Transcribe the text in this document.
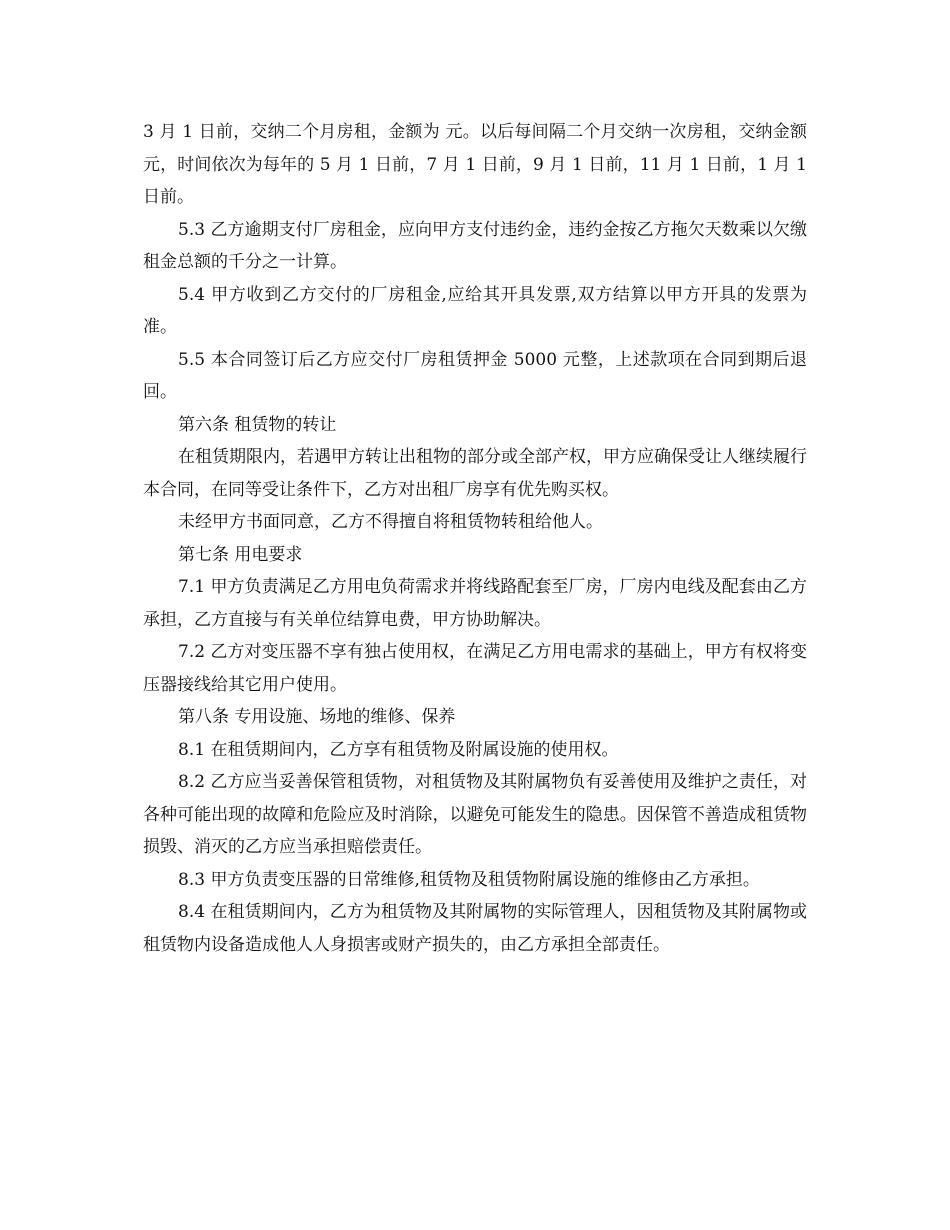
3 月 1 日前，交纳二个月房租，金额为 元。以后每间隔二个月交纳一次房租，交纳金额 元，时间依次为每年的 5 月 1 日前，7 月 1 日前，9 月 1 日前，11 月 1 日前，1 月 1 日前。

5.3 乙方逾期支付厂房租金，应向甲方支付违约金，违约金按乙方拖欠天数乘以欠缴租金总额的千分之一计算。

5.4 甲方收到乙方交付的厂房租金,应给其开具发票,双方结算以甲方开具的发票为准。

5.5 本合同签订后乙方应交付厂房租赁押金 5000 元整，上述款项在合同到期后退回。

第六条 租赁物的转让

在租赁期限内，若遇甲方转让出租物的部分或全部产权，甲方应确保受让人继续履行本合同，在同等受让条件下，乙方对出租厂房享有优先购买权。

未经甲方书面同意，乙方不得擅自将租赁物转租给他人。

第七条 用电要求

7.1 甲方负责满足乙方用电负荷需求并将线路配套至厂房，厂房内电线及配套由乙方承担，乙方直接与有关单位结算电费，甲方协助解决。

7.2 乙方对变压器不享有独占使用权，在满足乙方用电需求的基础上，甲方有权将变压器接线给其它用户使用。

第八条 专用设施、场地的维修、保养

8.1 在租赁期间内，乙方享有租赁物及附属设施的使用权。

8.2 乙方应当妥善保管租赁物，对租赁物及其附属物负有妥善使用及维护之责任，对各种可能出现的故障和危险应及时消除，以避免可能发生的隐患。因保管不善造成租赁物损毁、消灭的乙方应当承担赔偿责任。

8.3 甲方负责变压器的日常维修,租赁物及租赁物附属设施的维修由乙方承担。

8.4 在租赁期间内，乙方为租赁物及其附属物的实际管理人，因租赁物及其附属物或租赁物内设备造成他人人身损害或财产损失的，由乙方承担全部责任。
